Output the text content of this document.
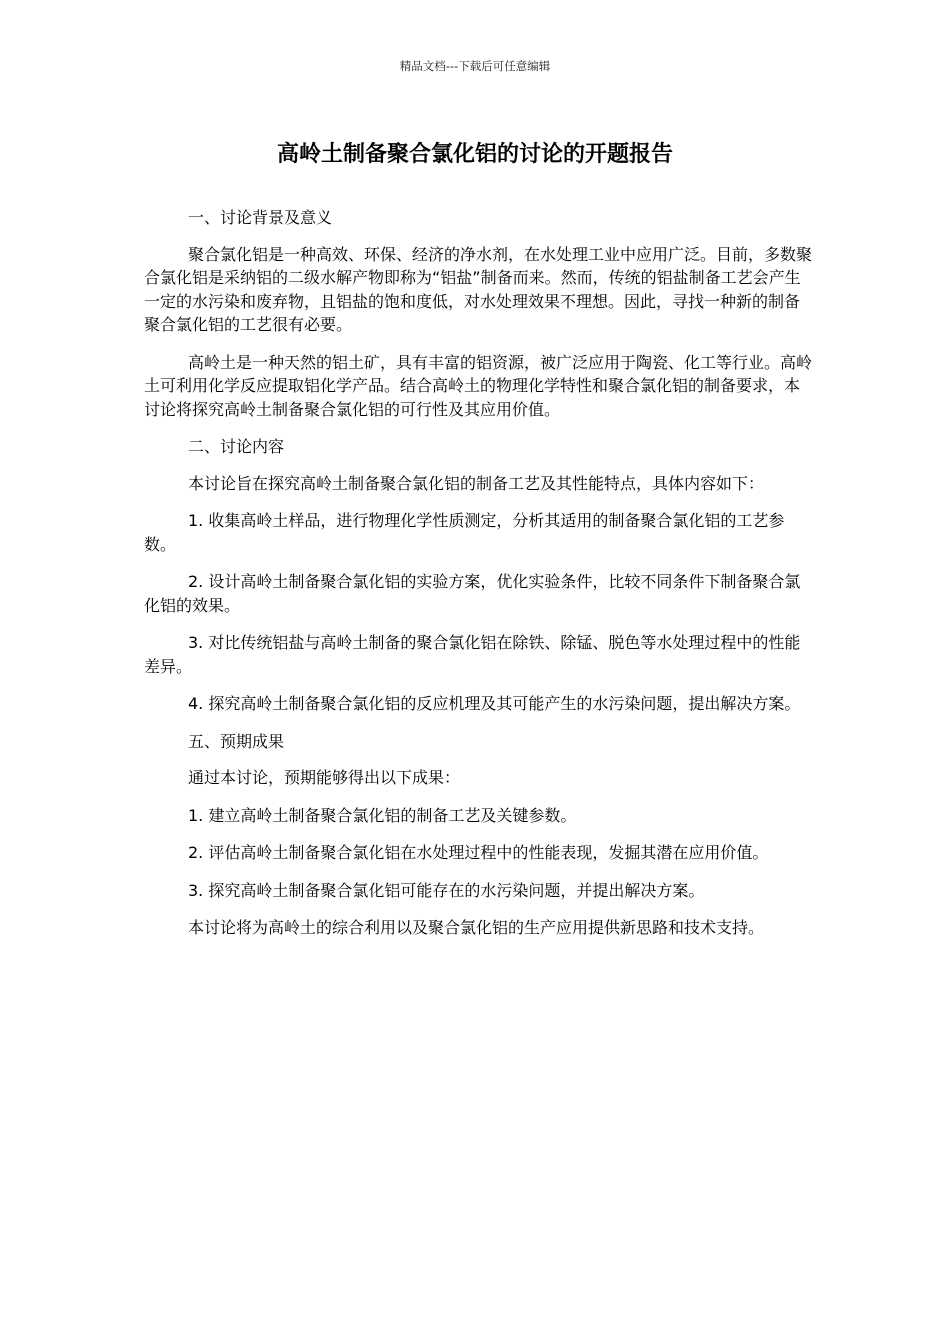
精品文档---下载后可任意编辑
高岭土制备聚合氯化铝的讨论的开题报告

一、讨论背景及意义

聚合氯化铝是一种高效、环保、经济的净水剂，在水处理工业中应用广泛。目前，多数聚合氯化铝是采纳铝的二级水解产物即称为“铝盐”制备而来。然而，传统的铝盐制备工艺会产生一定的水污染和废弃物，且铝盐的饱和度低，对水处理效果不理想。因此，寻找一种新的制备聚合氯化铝的工艺很有必要。

高岭土是一种天然的铝土矿，具有丰富的铝资源，被广泛应用于陶瓷、化工等行业。高岭土可利用化学反应提取铝化学产品。结合高岭土的物理化学特性和聚合氯化铝的制备要求，本讨论将探究高岭土制备聚合氯化铝的可行性及其应用价值。

二、讨论内容

本讨论旨在探究高岭土制备聚合氯化铝的制备工艺及其性能特点，具体内容如下：

1. 收集高岭土样品，进行物理化学性质测定，分析其适用的制备聚合氯化铝的工艺参数。

2. 设计高岭土制备聚合氯化铝的实验方案，优化实验条件，比较不同条件下制备聚合氯化铝的效果。

3. 对比传统铝盐与高岭土制备的聚合氯化铝在除铁、除锰、脱色等水处理过程中的性能差异。

4. 探究高岭土制备聚合氯化铝的反应机理及其可能产生的水污染问题，提出解决方案。

五、预期成果

通过本讨论，预期能够得出以下成果：

1. 建立高岭土制备聚合氯化铝的制备工艺及关键参数。

2. 评估高岭土制备聚合氯化铝在水处理过程中的性能表现，发掘其潜在应用价值。

3. 探究高岭土制备聚合氯化铝可能存在的水污染问题，并提出解决方案。

本讨论将为高岭土的综合利用以及聚合氯化铝的生产应用提供新思路和技术支持。
